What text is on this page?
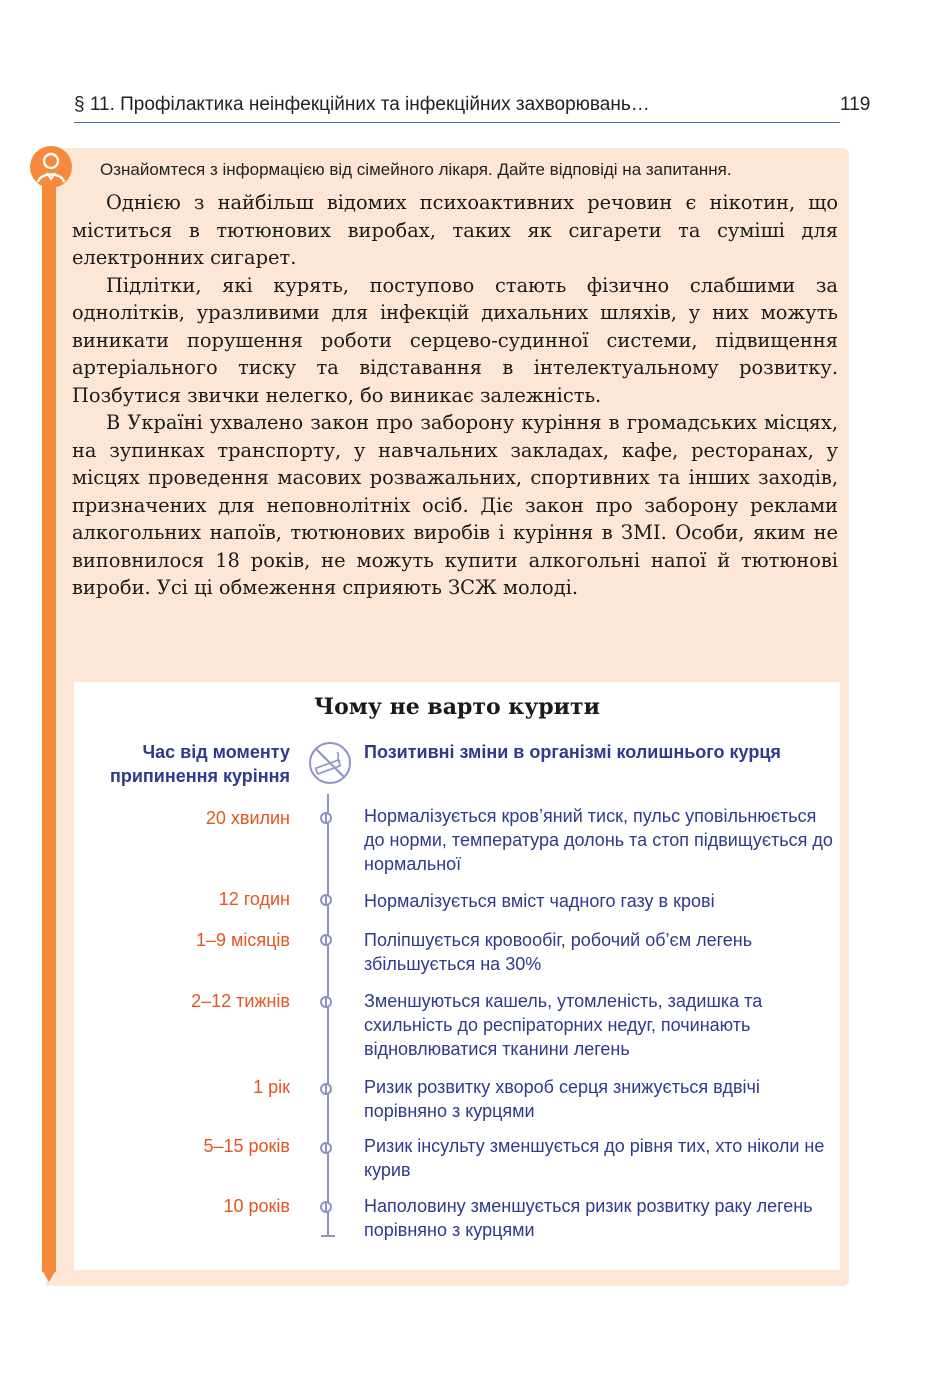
§ 11. Профілактика неінфекційних та інфекційних захворювань…	119
Ознайомтеся з інформацією від сімейного лікаря. Дайте відповіді на запитання.

Однією з найбільш відомих психоактивних речовин є нікотин, що міститься в тютюнових виробах, таких як сигарети та суміші для електронних сигарет.

Підлітки, які курять, поступово стають фізично слабшими за однолітків, уразливими для інфекцій дихальних шляхів, у них можуть виникати порушення роботи серцево-судинної системи, підвищення артеріального тиску та відставання в інтелектуальному розвитку. Позбутися звички нелегко, бо виникає залежність.

В Україні ухвалено закон про заборону куріння в громадських місцях, на зупинках транспорту, у навчальних закладах, кафе, ресторанах, у місцях проведення масових розважальних, спортивних та інших заходів, призначених для неповнолітніх осіб. Діє закон про заборону реклами алкогольних напоїв, тютюнових виробів і куріння в ЗМІ. Особи, яким не виповнилося 18 років, не можуть купити алкогольні напої й тютюнові вироби. Усі ці обмеження сприяють ЗСЖ молоді.

Чому не варто курити
Час від моменту припинення куріння
Позитивні зміни в організмі колишнього курця
20 хвилин	Нормалізується кров’яний тиск, пульс уповільнюється до норми, температура долонь та стоп підвищується до нормальної
12 годин	Нормалізується вміст чадного газу в крові
1–9 місяців	Поліпшується кровообіг, робочий об’єм легень збільшується на 30%
2–12 тижнів	Зменшуються кашель, утомленість, задишка та схильність до респіраторних недуг, починають відновлюватися тканини легень
1 рік	Ризик розвитку хвороб серця знижується вдвічі порівняно з курцями
5–15 років	Ризик інсульту зменшується до рівня тих, хто ніколи не курив
10 років	Наполовину зменшується ризик розвитку раку легень порівняно з курцями
